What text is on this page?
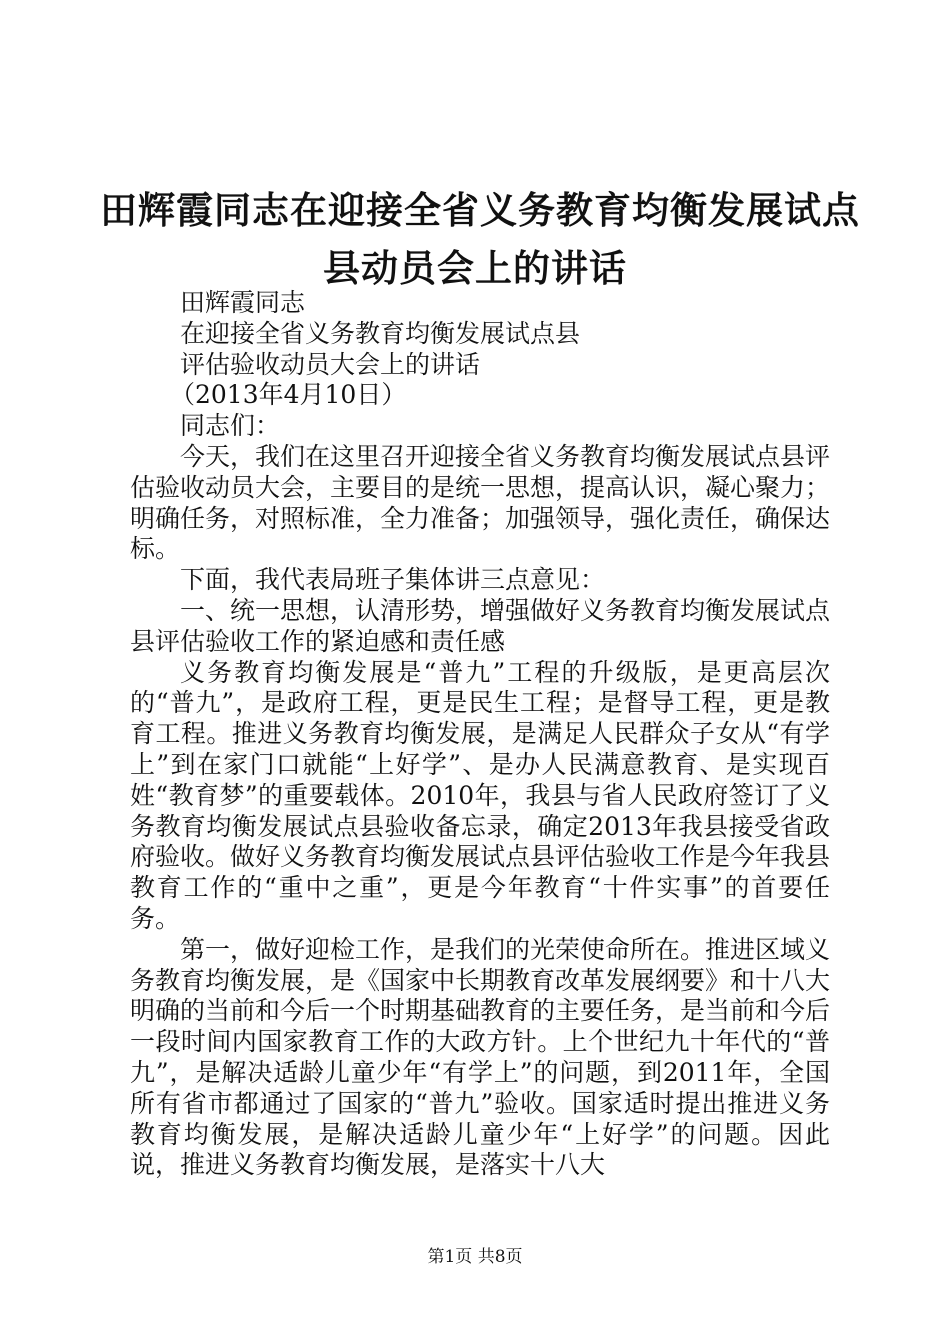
田辉霞同志在迎接全省义务教育均衡发展试点
县动员会上的讲话

田辉霞同志

在迎接全省义务教育均衡发展试点县

评估验收动员大会上的讲话

（2013年4月10日）

同志们：

今天，我们在这里召开迎接全省义务教育均衡发展试点县评估验收动员大会，主要目的是统一思想，提高认识，凝心聚力；明确任务，对照标准，全力准备；加强领导，强化责任，确保达标。

下面，我代表局班子集体讲三点意见：

一、统一思想，认清形势，增强做好义务教育均衡发展试点县评估验收工作的紧迫感和责任感

义务教育均衡发展是“普九”工程的升级版，是更高层次的“普九”，是政府工程，更是民生工程；是督导工程，更是教育工程。推进义务教育均衡发展，是满足人民群众子女从“有学上”到在家门口就能“上好学”、是办人民满意教育、是实现百姓“教育梦”的重要载体。2010年，我县与省人民政府签订了义务教育均衡发展试点县验收备忘录，确定2013年我县接受省政府验收。做好义务教育均衡发展试点县评估验收工作是今年我县教育工作的“重中之重”，更是今年教育“十件实事”的首要任务。

第一，做好迎检工作，是我们的光荣使命所在。推进区域义务教育均衡发展，是《国家中长期教育改革发展纲要》和十八大明确的当前和今后一个时期基础教育的主要任务，是当前和今后一段时间内国家教育工作的大政方针。上个世纪九十年代的“普九”，是解决适龄儿童少年“有学上”的问题，到2011年，全国所有省市都通过了国家的“普九”验收。国家适时提出推进义务教育均衡发展，是解决适龄儿童少年“上好学”的问题。因此说，推进义务教育均衡发展，是落实十八大

第1页 共8页
